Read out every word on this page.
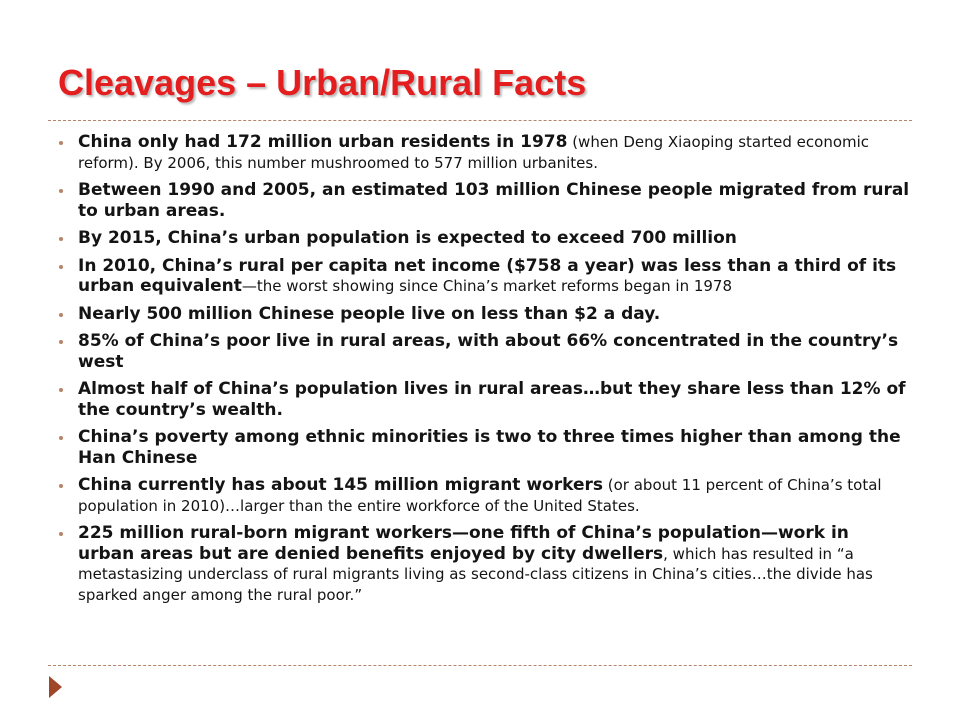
Cleavages – Urban/Rural Facts
China only had 172 million urban residents in 1978 (when Deng Xiaoping started economic reform). By 2006, this number mushroomed to 577 million urbanites.
Between 1990 and 2005, an estimated 103 million Chinese people migrated from rural to urban areas.
By 2015, China’s urban population is expected to exceed 700 million
In 2010, China’s rural per capita net income ($758 a year) was less than a third of its urban equivalent—the worst showing since China’s market reforms began in 1978
Nearly 500 million Chinese people live on less than $2 a day.
85% of China’s poor live in rural areas, with about 66% concentrated in the country’s west
Almost half of China’s population lives in rural areas…but they share less than 12% of the country’s wealth.
China’s poverty among ethnic minorities is two to three times higher than among the Han Chinese
China currently has about 145 million migrant workers (or about 11 percent of China’s total population in 2010)…larger than the entire workforce of the United States.
225 million rural-born migrant workers—one fifth of China’s population—work in urban areas but are denied benefits enjoyed by city dwellers, which has resulted in “a metastasizing underclass of rural migrants living as second-class citizens in China’s cities…the divide has sparked anger among the rural poor.”
